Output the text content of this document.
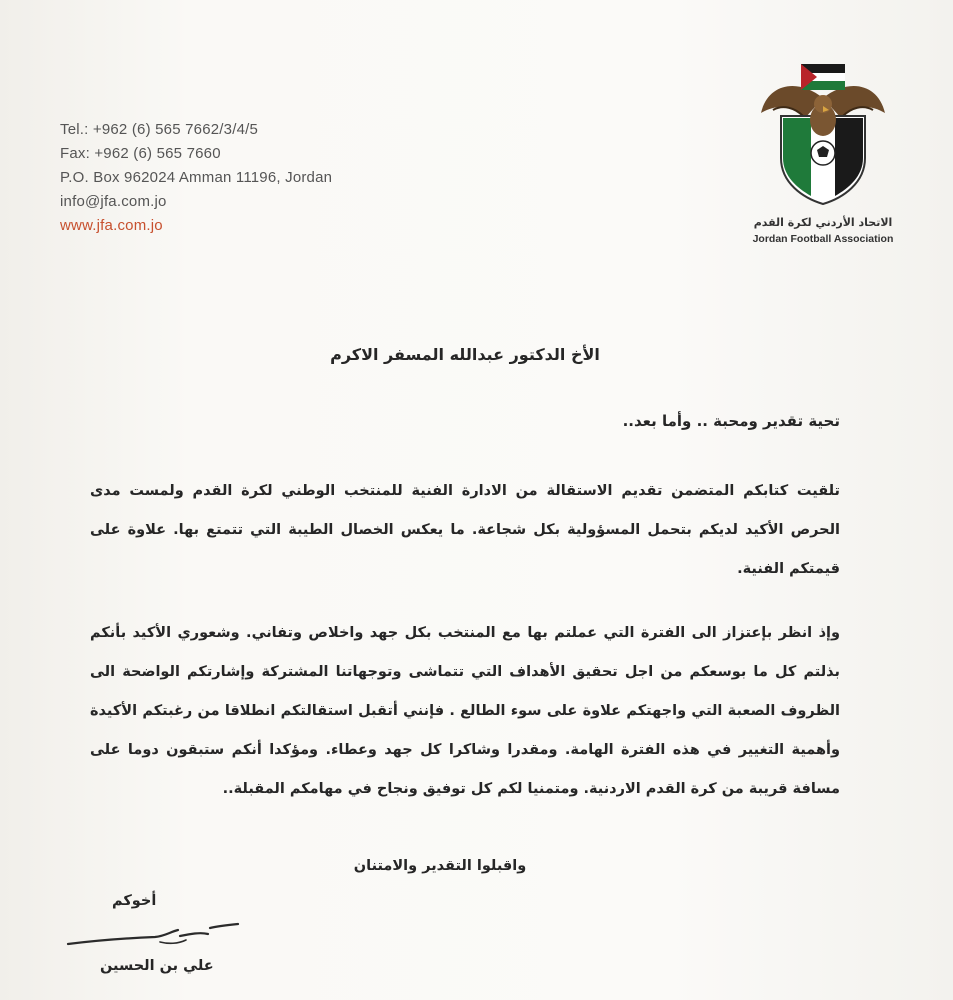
Tel.: +962 (6) 565 7662/3/4/5
Fax: +962 (6) 565 7660
P.O. Box 962024 Amman 11196, Jordan
info@jfa.com.jo
www.jfa.com.jo
JFA
الاتحاد الأردني لكرة القدم
Jordan Football Association
الأخ الدكتور عبدالله المسفر الاكرم
تحية تقدير ومحبة .. وأما بعد..
تلقيت كتابكم المتضمن تقديم الاستقالة من الادارة الفنية للمنتخب الوطني لكرة القدم ولمست مدى الحرص الأكيد لديكم بتحمل المسؤولية بكل شجاعة. ما يعكس الخصال الطيبة التي تتمتع بها. علاوة على قيمتكم الفنية.
وإذ انظر بإعتزاز الى الفترة التي عملتم بها مع المنتخب بكل جهد واخلاص وتفاني. وشعوري الأكيد بأنكم بذلتم كل ما بوسعكم من اجل تحقيق الأهداف التي تتماشى وتوجهاتنا المشتركة وإشارتكم الواضحة الى الظروف الصعبة التي واجهتكم علاوة على سوء الطالع . فإنني أتقبل استقالتكم انطلاقا من رغبتكم الأكيدة وأهمية التغيير في هذه الفترة الهامة. ومقدرا وشاكرا كل جهد وعطاء. ومؤكدا أنكم ستبقون دوما على مسافة قريبة من كرة القدم الاردنية. ومتمنيا لكم كل توفيق ونجاح في مهامكم المقبلة..
واقبلوا التقدير والامتنان
أخوكم
علي بن الحسين
